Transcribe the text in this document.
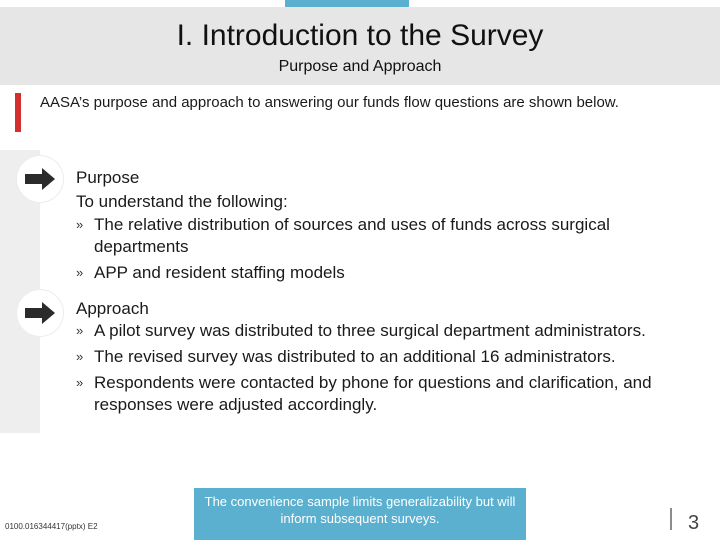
I. Introduction to the Survey
Purpose and Approach
AASA’s purpose and approach to answering our funds flow questions are shown below.
Purpose
To understand the following:
» The relative distribution of sources and uses of funds across surgical departments
» APP and resident staffing models
Approach
» A pilot survey was distributed to three surgical department administrators.
» The revised survey was distributed to an additional 16 administrators.
» Respondents were contacted by phone for questions and clarification, and responses were adjusted accordingly.
0100.016344417(pptx) E2
The convenience sample limits generalizability but will inform subsequent surveys.	3
